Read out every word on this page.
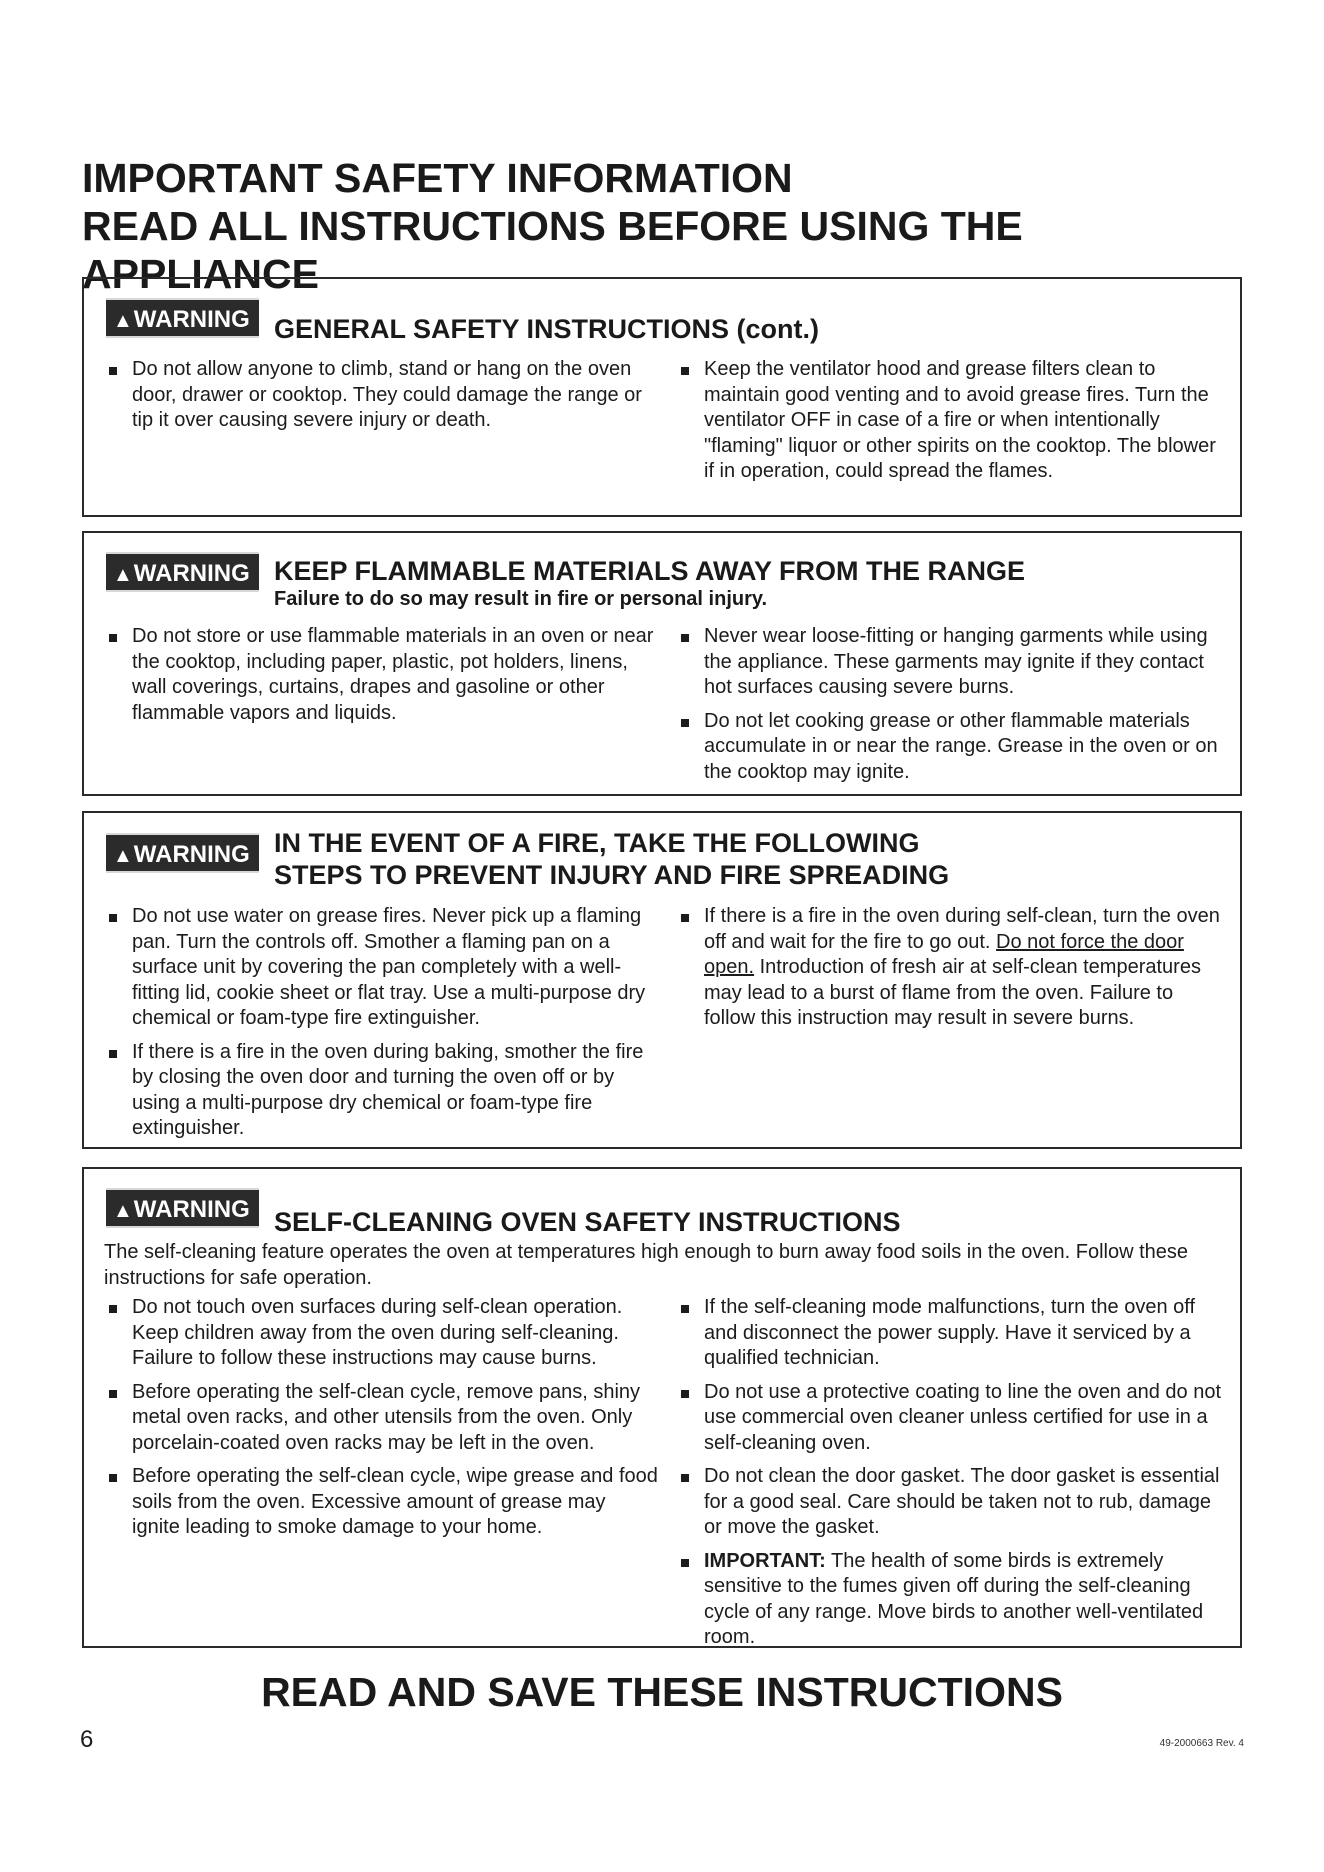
IMPORTANT SAFETY INFORMATION
READ ALL INSTRUCTIONS BEFORE USING THE APPLIANCE
▲WARNING GENERAL SAFETY INSTRUCTIONS (cont.)
Do not allow anyone to climb, stand or hang on the oven door, drawer or cooktop. They could damage the range or tip it over causing severe injury or death.
Keep the ventilator hood and grease filters clean to maintain good venting and to avoid grease fires. Turn the ventilator OFF in case of a fire or when intentionally "flaming" liquor or other spirits on the cooktop. The blower if in operation, could spread the flames.
▲WARNING KEEP FLAMMABLE MATERIALS AWAY FROM THE RANGE
Failure to do so may result in fire or personal injury.
Do not store or use flammable materials in an oven or near the cooktop, including paper, plastic, pot holders, linens, wall coverings, curtains, drapes and gasoline or other flammable vapors and liquids.
Never wear loose-fitting or hanging garments while using the appliance. These garments may ignite if they contact hot surfaces causing severe burns.
Do not let cooking grease or other flammable materials accumulate in or near the range. Grease in the oven or on the cooktop may ignite.
▲WARNING IN THE EVENT OF A FIRE, TAKE THE FOLLOWING
STEPS TO PREVENT INJURY AND FIRE SPREADING
Do not use water on grease fires. Never pick up a flaming pan. Turn the controls off. Smother a flaming pan on a surface unit by covering the pan completely with a well-fitting lid, cookie sheet or flat tray. Use a multi-purpose dry chemical or foam-type fire extinguisher.
If there is a fire in the oven during baking, smother the fire by closing the oven door and turning the oven off or by using a multi-purpose dry chemical or foam-type fire extinguisher.
If there is a fire in the oven during self-clean, turn the oven off and wait for the fire to go out. Do not force the door open. Introduction of fresh air at self-clean temperatures may lead to a burst of flame from the oven. Failure to follow this instruction may result in severe burns.
▲WARNING SELF-CLEANING OVEN SAFETY INSTRUCTIONS
The self-cleaning feature operates the oven at temperatures high enough to burn away food soils in the oven. Follow these instructions for safe operation.
Do not touch oven surfaces during self-clean operation. Keep children away from the oven during self-cleaning. Failure to follow these instructions may cause burns.
Before operating the self-clean cycle, remove pans, shiny metal oven racks, and other utensils from the oven. Only porcelain-coated oven racks may be left in the oven.
Before operating the self-clean cycle, wipe grease and food soils from the oven. Excessive amount of grease may ignite leading to smoke damage to your home.
If the self-cleaning mode malfunctions, turn the oven off and disconnect the power supply. Have it serviced by a qualified technician.
Do not use a protective coating to line the oven and do not use commercial oven cleaner unless certified for use in a self-cleaning oven.
Do not clean the door gasket. The door gasket is essential for a good seal. Care should be taken not to rub, damage or move the gasket.
IMPORTANT: The health of some birds is extremely sensitive to the fumes given off during the self-cleaning cycle of any range. Move birds to another well-ventilated room.
READ AND SAVE THESE INSTRUCTIONS
6	49-2000663 Rev. 4
